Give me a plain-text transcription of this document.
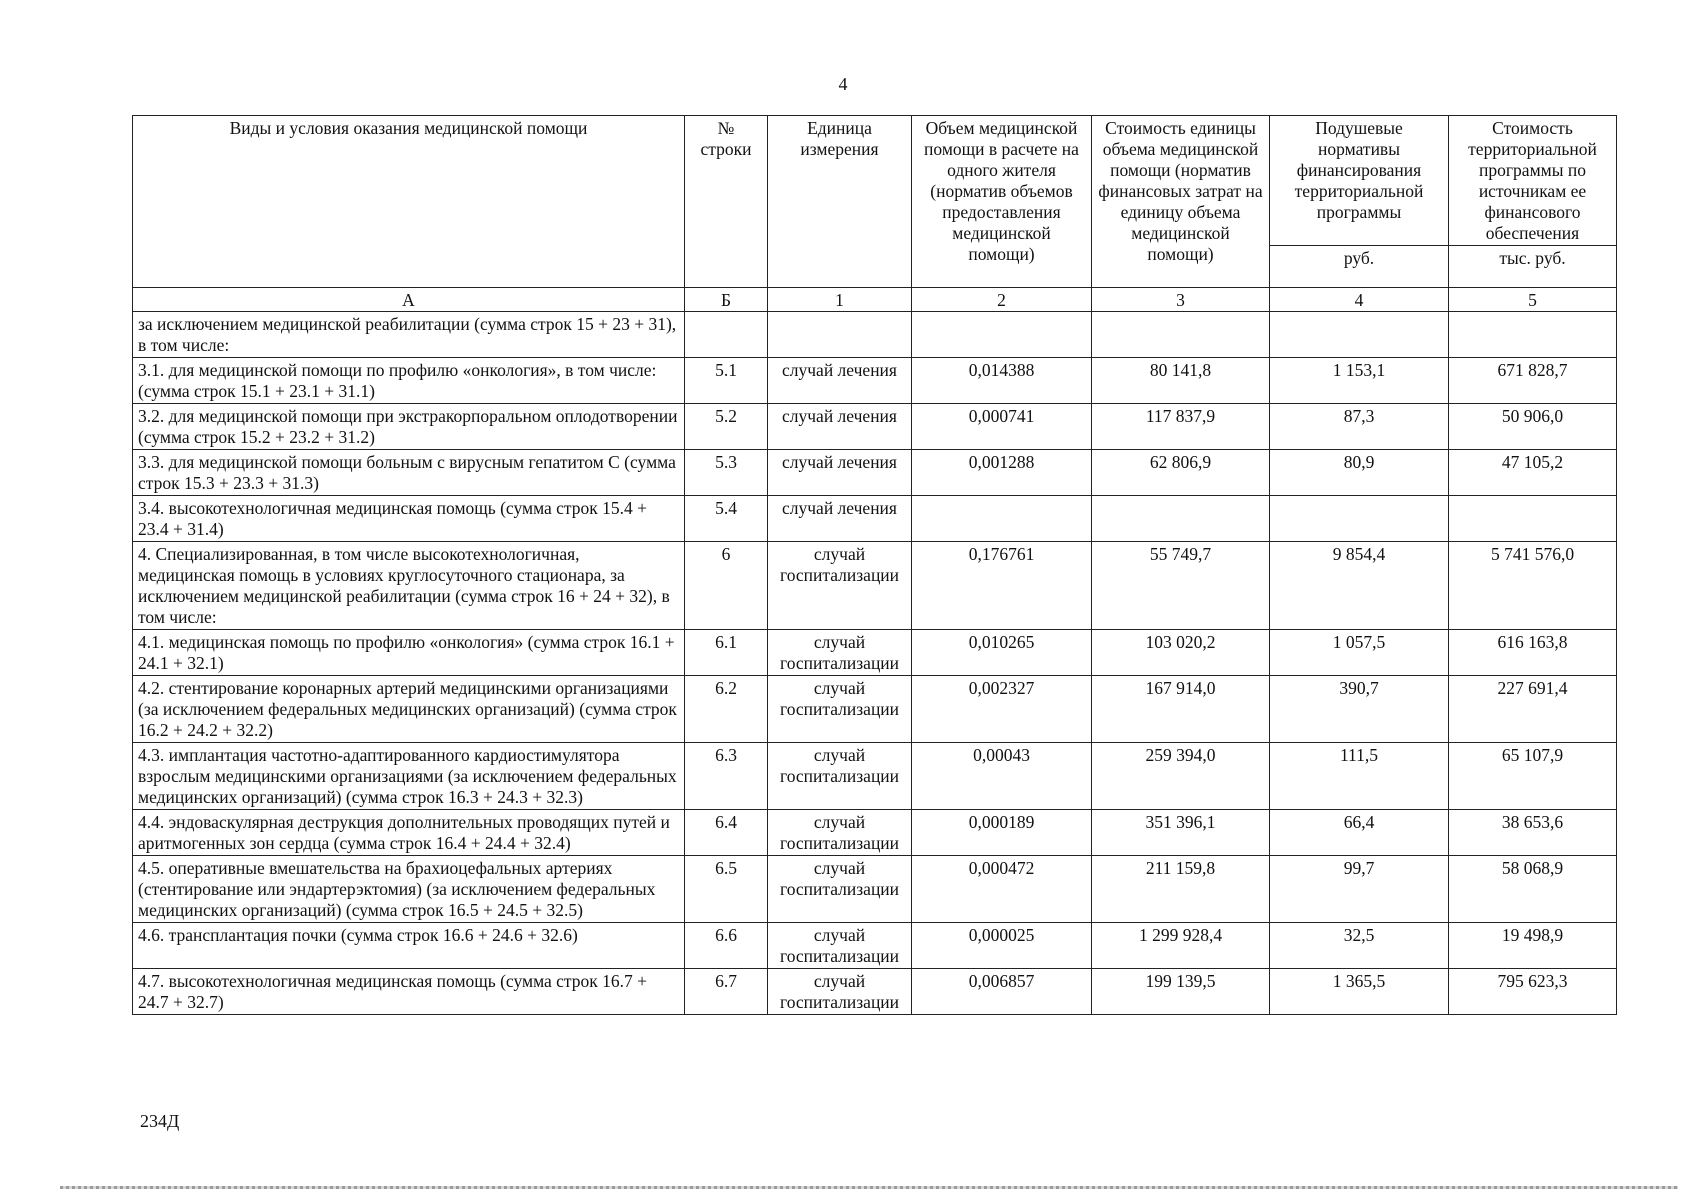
4
Виды и условия оказания медицинской помощи	№ строки	Единица измерения	Объем медицинской помощи в расчете на одного жителя (норматив объемов предоставления медицинской помощи)	Стоимость единицы объема медицинской помощи (норматив финансовых затрат на единицу объема медицинской помощи)	Подушевые нормативы финансирования территориальной программы	Стоимость территориальной программы по источникам ее финансового обеспечения
					руб.	тыс. руб.
А	Б	1	2	3	4	5
за исключением медицинской реабилитации (сумма строк 15 + 23 + 31), в том числе:						
3.1. для медицинской помощи по профилю «онкология», в том числе: (сумма строк 15.1 + 23.1 + 31.1)	5.1	случай лечения	0,014388	80 141,8	1 153,1	671 828,7
3.2. для медицинской помощи при экстракорпоральном оплодотворении (сумма строк 15.2 + 23.2 + 31.2)	5.2	случай лечения	0,000741	117 837,9	87,3	50 906,0
3.3. для медицинской помощи больным с вирусным гепатитом С (сумма строк 15.3 + 23.3 + 31.3)	5.3	случай лечения	0,001288	62 806,9	80,9	47 105,2
3.4. высокотехнологичная медицинская помощь (сумма строк 15.4 + 23.4 + 31.4)	5.4	случай лечения				
4. Специализированная, в том числе высокотехнологичная, медицинская помощь в условиях круглосуточного стационара, за исключением медицинской реабилитации (сумма строк 16 + 24 + 32), в том числе:	6	случай госпитализации	0,176761	55 749,7	9 854,4	5 741 576,0
4.1. медицинская помощь по профилю «онкология» (сумма строк 16.1 + 24.1 + 32.1)	6.1	случай госпитализации	0,010265	103 020,2	1 057,5	616 163,8
4.2. стентирование коронарных артерий медицинскими организациями (за исключением федеральных медицинских организаций) (сумма строк 16.2 + 24.2 + 32.2)	6.2	случай госпитализации	0,002327	167 914,0	390,7	227 691,4
4.3. имплантация частотно-адаптированного кардиостимулятора взрослым медицинскими организациями (за исключением федеральных медицинских организаций) (сумма строк 16.3 + 24.3 + 32.3)	6.3	случай госпитализации	0,00043	259 394,0	111,5	65 107,9
4.4. эндоваскулярная деструкция дополнительных проводящих путей и аритмогенных зон сердца (сумма строк 16.4 + 24.4 + 32.4)	6.4	случай госпитализации	0,000189	351 396,1	66,4	38 653,6
4.5. оперативные вмешательства на брахиоцефальных артериях (стентирование или эндартерэктомия) (за исключением федеральных медицинских организаций) (сумма строк 16.5 + 24.5 + 32.5)	6.5	случай госпитализации	0,000472	211 159,8	99,7	58 068,9
4.6. трансплантация почки (сумма строк 16.6 + 24.6 + 32.6)	6.6	случай госпитализации	0,000025	1 299 928,4	32,5	19 498,9
4.7. высокотехнологичная медицинская помощь (сумма строк 16.7 + 24.7 + 32.7)	6.7	случай госпитализации	0,006857	199 139,5	1 365,5	795 623,3
234Д
